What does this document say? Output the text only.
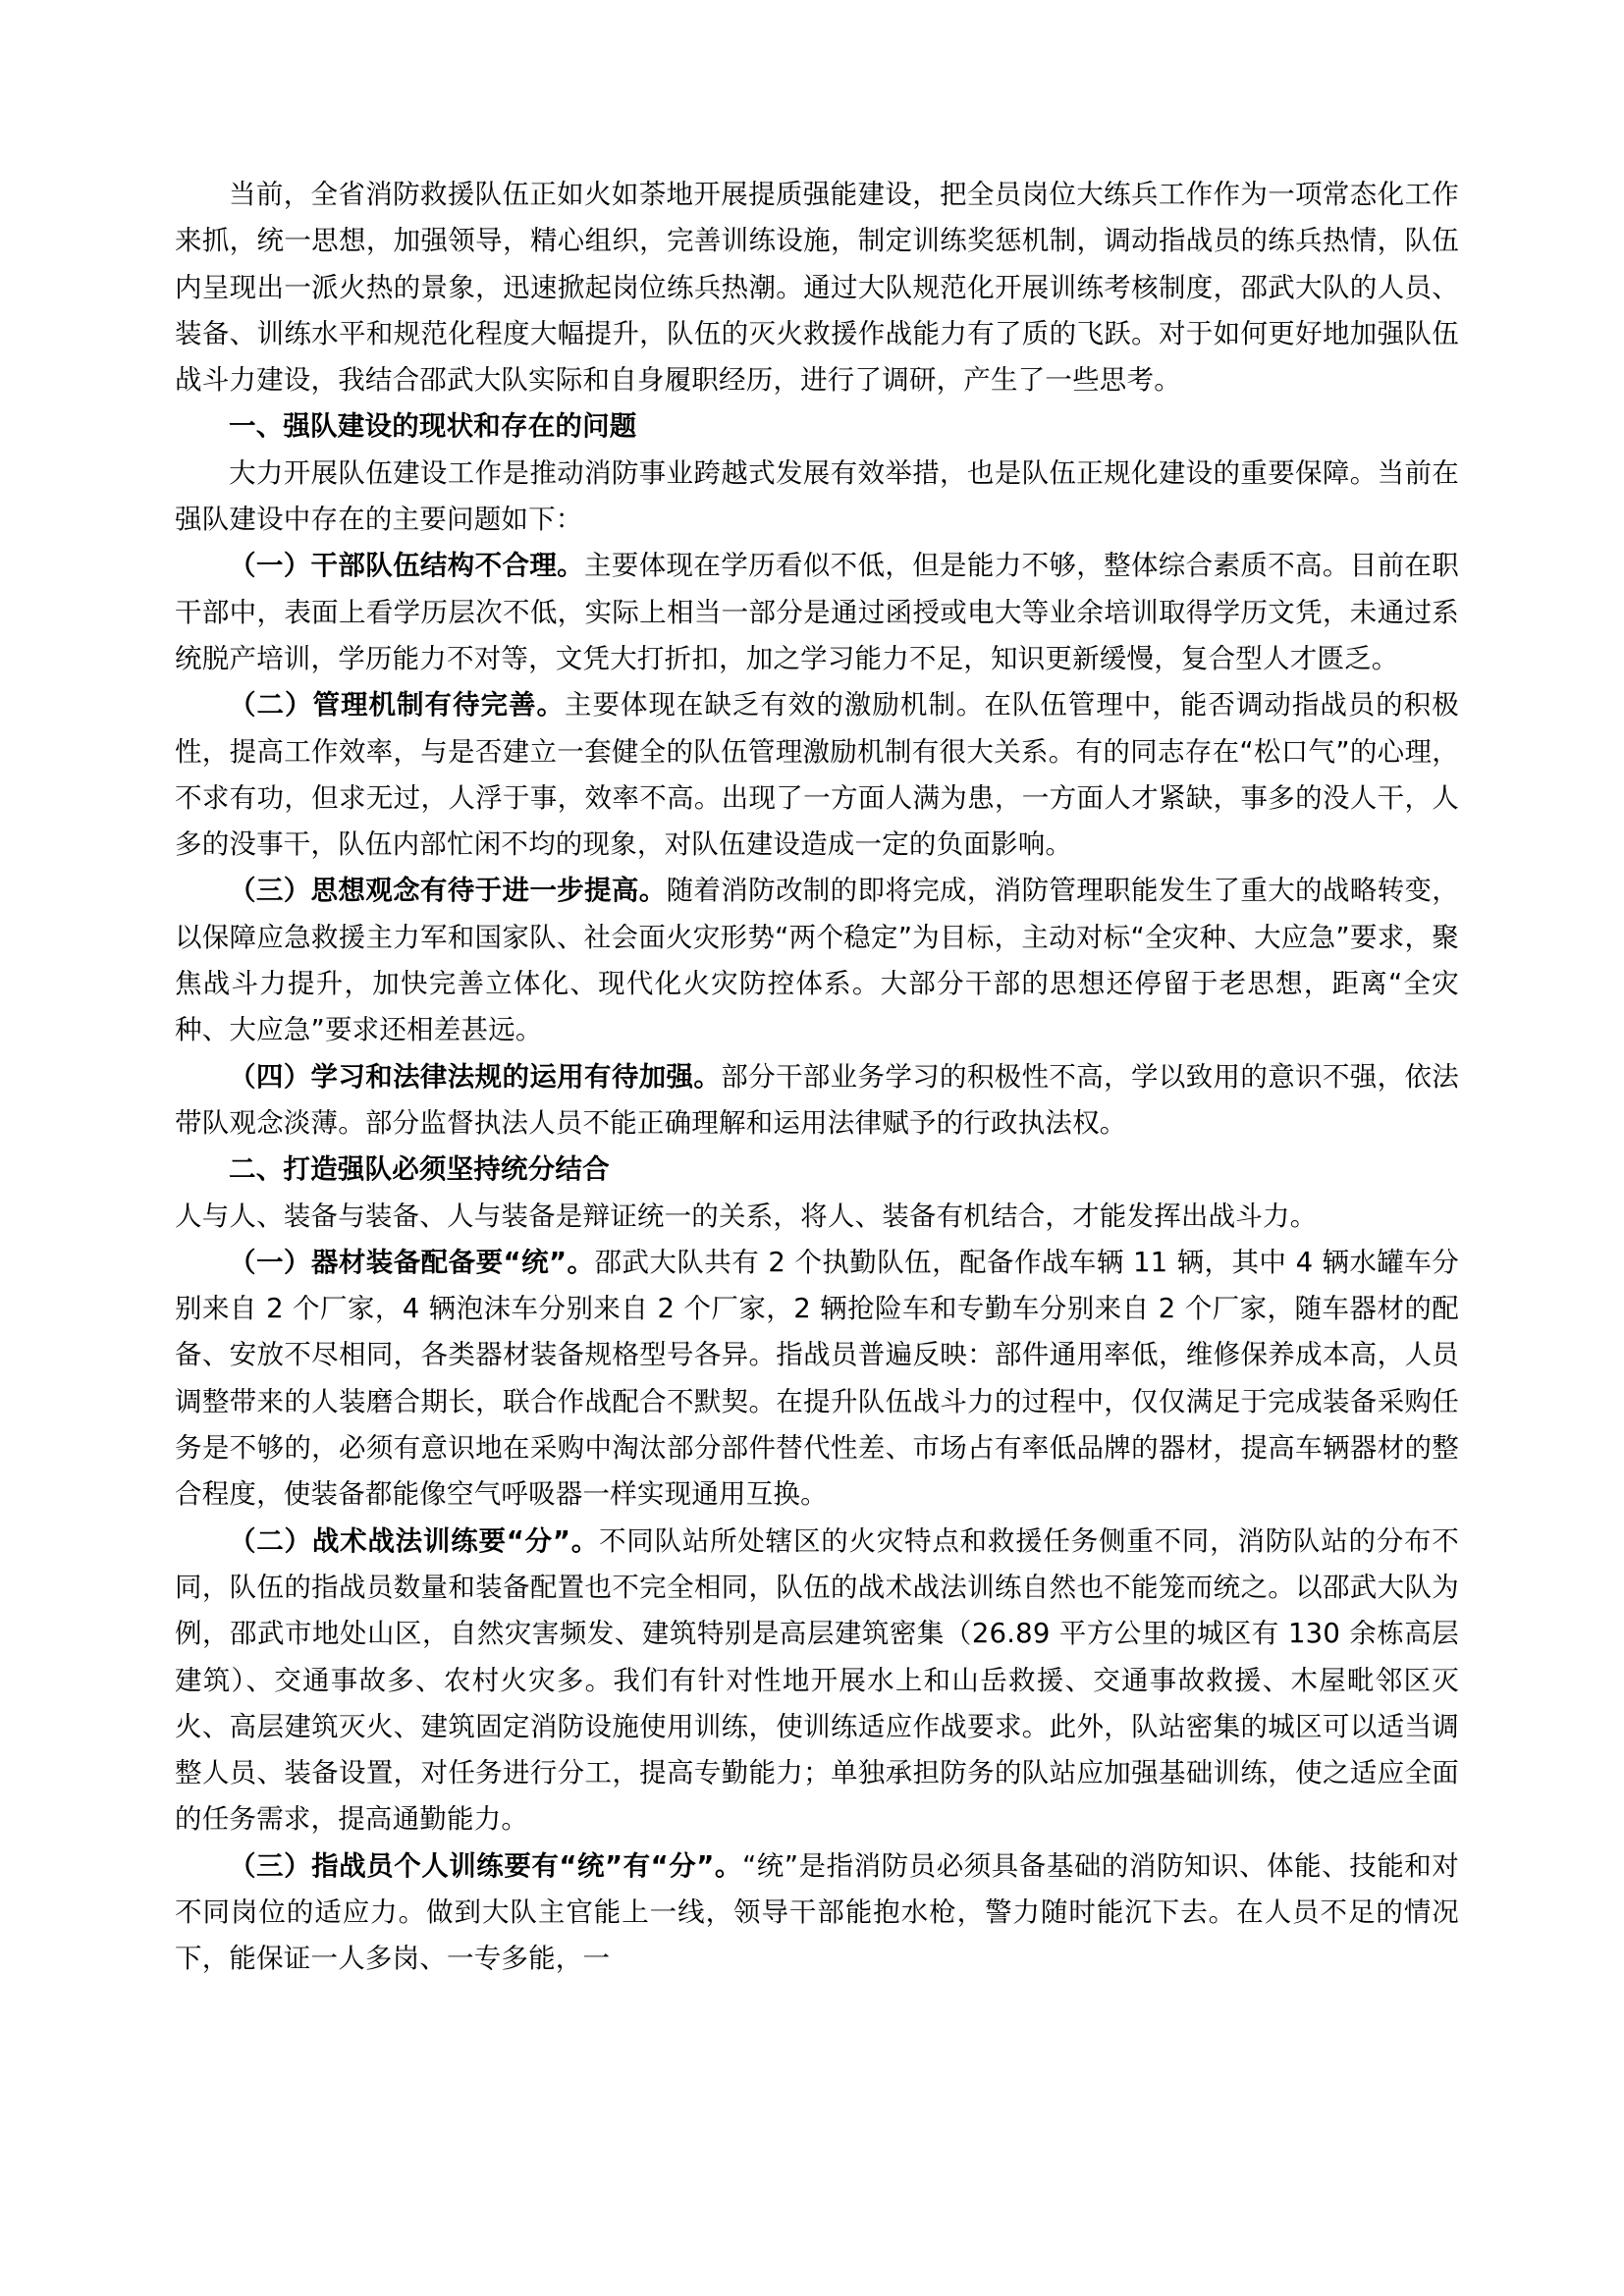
当前，全省消防救援队伍正如火如荼地开展提质强能建设，把全员岗位大练兵工作作为一项常态化工作来抓，统一思想，加强领导，精心组织，完善训练设施，制定训练奖惩机制，调动指战员的练兵热情，队伍内呈现出一派火热的景象，迅速掀起岗位练兵热潮。通过大队规范化开展训练考核制度，邵武大队的人员、装备、训练水平和规范化程度大幅提升，队伍的灭火救援作战能力有了质的飞跃。对于如何更好地加强队伍战斗力建设，我结合邵武大队实际和自身履职经历，进行了调研，产生了一些思考。

一、强队建设的现状和存在的问题

大力开展队伍建设工作是推动消防事业跨越式发展有效举措，也是队伍正规化建设的重要保障。当前在强队建设中存在的主要问题如下：

（一）干部队伍结构不合理。主要体现在学历看似不低，但是能力不够，整体综合素质不高。目前在职干部中，表面上看学历层次不低，实际上相当一部分是通过函授或电大等业余培训取得学历文凭，未通过系统脱产培训，学历能力不对等，文凭大打折扣，加之学习能力不足，知识更新缓慢，复合型人才匮乏。

（二）管理机制有待完善。主要体现在缺乏有效的激励机制。在队伍管理中，能否调动指战员的积极性，提高工作效率，与是否建立一套健全的队伍管理激励机制有很大关系。有的同志存在“松口气”的心理，不求有功，但求无过，人浮于事，效率不高。出现了一方面人满为患，一方面人才紧缺，事多的没人干，人多的没事干，队伍内部忙闲不均的现象，对队伍建设造成一定的负面影响。

（三）思想观念有待于进一步提高。随着消防改制的即将完成，消防管理职能发生了重大的战略转变，以保障应急救援主力军和国家队、社会面火灾形势“两个稳定”为目标，主动对标“全灾种、大应急”要求，聚焦战斗力提升，加快完善立体化、现代化火灾防控体系。大部分干部的思想还停留于老思想，距离“全灾种、大应急”要求还相差甚远。

（四）学习和法律法规的运用有待加强。部分干部业务学习的积极性不高，学以致用的意识不强，依法带队观念淡薄。部分监督执法人员不能正确理解和运用法律赋予的行政执法权。

二、打造强队必须坚持统分结合

人与人、装备与装备、人与装备是辩证统一的关系，将人、装备有机结合，才能发挥出战斗力。

（一）器材装备配备要“统”。邵武大队共有 2 个执勤队伍，配备作战车辆 11 辆，其中 4 辆水罐车分别来自 2 个厂家，4 辆泡沫车分别来自 2 个厂家，2 辆抢险车和专勤车分别来自 2 个厂家，随车器材的配备、安放不尽相同，各类器材装备规格型号各异。指战员普遍反映：部件通用率低，维修保养成本高，人员调整带来的人装磨合期长，联合作战配合不默契。在提升队伍战斗力的过程中，仅仅满足于完成装备采购任务是不够的，必须有意识地在采购中淘汰部分部件替代性差、市场占有率低品牌的器材，提高车辆器材的整合程度，使装备都能像空气呼吸器一样实现通用互换。

（二）战术战法训练要“分”。不同队站所处辖区的火灾特点和救援任务侧重不同，消防队站的分布不同，队伍的指战员数量和装备配置也不完全相同，队伍的战术战法训练自然也不能笼而统之。以邵武大队为例，邵武市地处山区，自然灾害频发、建筑特别是高层建筑密集（26.89 平方公里的城区有 130 余栋高层建筑）、交通事故多、农村火灾多。我们有针对性地开展水上和山岳救援、交通事故救援、木屋毗邻区灭火、高层建筑灭火、建筑固定消防设施使用训练，使训练适应作战要求。此外，队站密集的城区可以适当调整人员、装备设置，对任务进行分工，提高专勤能力；单独承担防务的队站应加强基础训练，使之适应全面的任务需求，提高通勤能力。

（三）指战员个人训练要有“统”有“分”。“统”是指消防员必须具备基础的消防知识、体能、技能和对不同岗位的适应力。做到大队主官能上一线，领导干部能抱水枪，警力随时能沉下去。在人员不足的情况下，能保证一人多岗、一专多能，一
